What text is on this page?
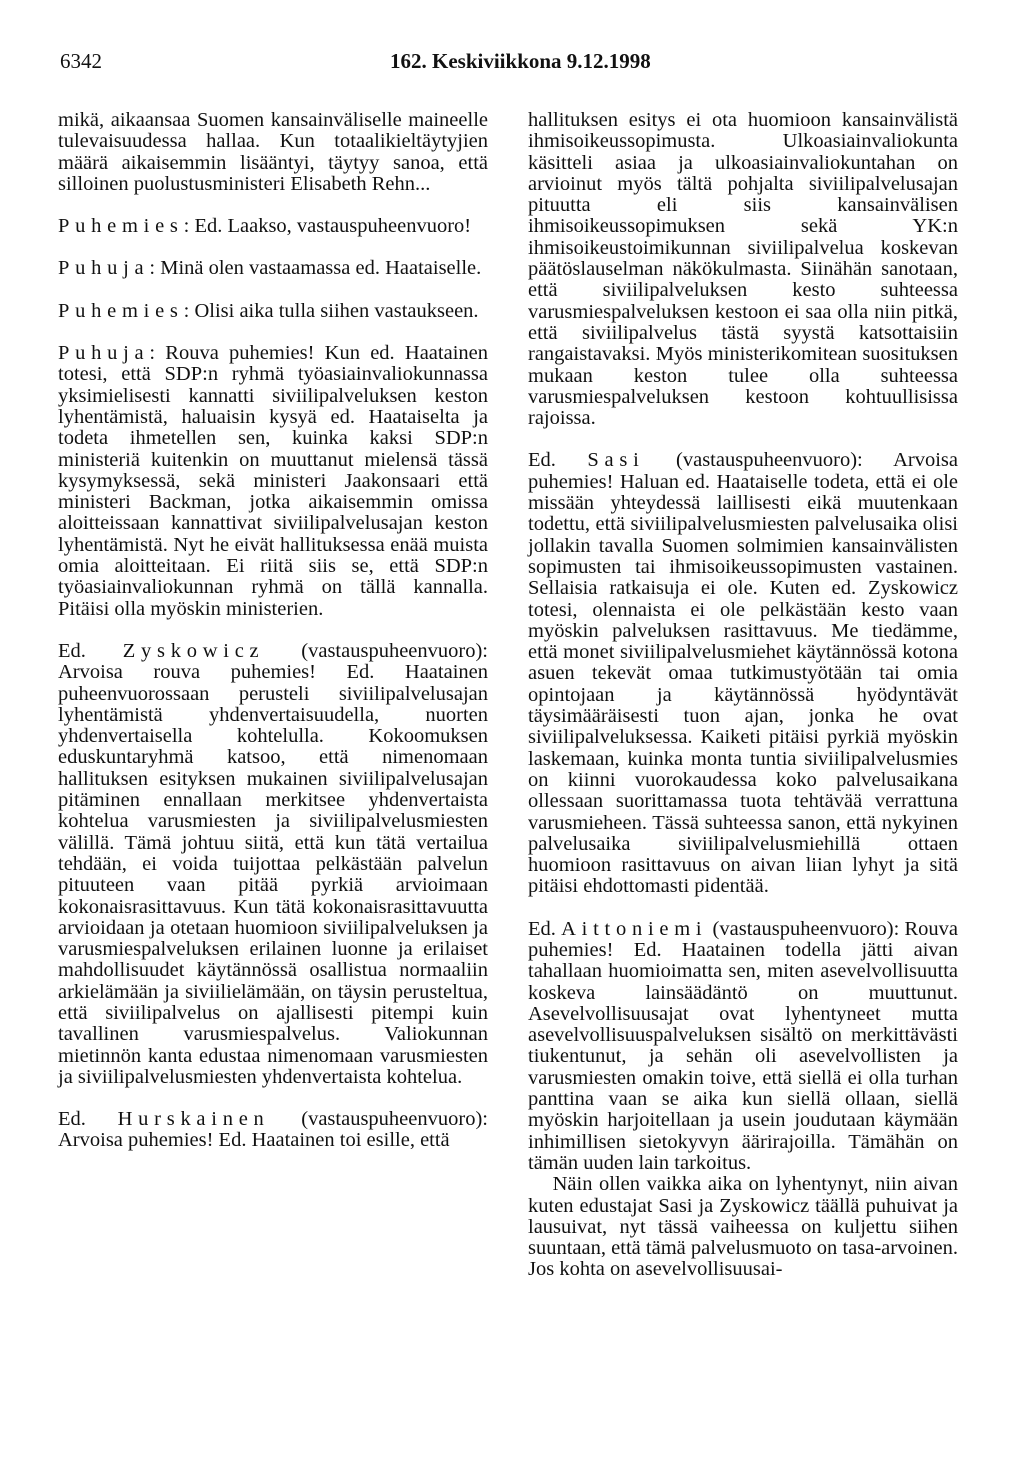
6342	162. Keskiviikkona 9.12.1998

mikä, aikaansaa Suomen kansainväliselle maineelle tulevaisuudessa hallaa. Kun totaalikieltäytyjien määrä aikaisemmin lisääntyi, täytyy sanoa, että silloinen puolustusministeri Elisabeth Rehn...

Puhemies: Ed. Laakso, vastauspuheenvuoro!

Puhuja: Minä olen vastaamassa ed. Haataiselle.

Puhemies: Olisi aika tulla siihen vastaukseen.

Puhuja: Rouva puhemies! Kun ed. Haatainen totesi, että SDP:n ryhmä työasiainvaliokunnassa yksimielisesti kannatti siviilipalveluksen keston lyhentämistä, haluaisin kysyä ed. Haataiselta ja todeta ihmetellen sen, kuinka kaksi SDP:n ministeriä kuitenkin on muuttanut mielensä tässä kysymyksessä, sekä ministeri Jaakonsaari että ministeri Backman, jotka aikaisemmin omissa aloitteissaan kannattivat siviilipalvelusajan keston lyhentämistä. Nyt he eivät hallituksessa enää muista omia aloitteitaan. Ei riitä siis se, että SDP:n työasiainvaliokunnan ryhmä on tällä kannalla. Pitäisi olla myöskin ministerien.

Ed. Zyskowicz (vastauspuheenvuoro): Arvoisa rouva puhemies! Ed. Haatainen puheenvuorossaan perusteli siviilipalvelusajan lyhentämistä yhdenvertaisuudella, nuorten yhdenvertaisella kohtelulla. Kokoomuksen eduskuntaryhmä katsoo, että nimenomaan hallituksen esityksen mukainen siviilipalvelusajan pitäminen ennallaan merkitsee yhdenvertaista kohtelua varusmiesten ja siviilipalvelusmiesten välillä. Tämä johtuu siitä, että kun tätä vertailua tehdään, ei voida tuijottaa pelkästään palvelun pituuteen vaan pitää pyrkiä arvioimaan kokonaisrasittavuus. Kun tätä kokonaisrasittavuutta arvioidaan ja otetaan huomioon siviilipalveluksen ja varusmiespalveluksen erilainen luonne ja erilaiset mahdollisuudet käytännössä osallistua normaaliin arkielämään ja siviilielämään, on täysin perusteltua, että siviilipalvelus on ajallisesti pitempi kuin tavallinen varusmiespalvelus. Valiokunnan mietinnön kanta edustaa nimenomaan varusmiesten ja siviilipalvelusmiesten yhdenvertaista kohtelua.

Ed. Hurskainen (vastauspuheenvuoro): Arvoisa puhemies! Ed. Haatainen toi esille, että

hallituksen esitys ei ota huomioon kansainvälistä ihmisoikeussopimusta. Ulkoasiainvaliokunta käsitteli asiaa ja ulkoasiainvaliokuntahan on arvioinut myös tältä pohjalta siviilipalvelusajan pituutta eli siis kansainvälisen ihmisoikeussopimuksen sekä YK:n ihmisoikeustoimikunnan siviilipalvelua koskevan päätöslauselman näkökulmasta. Siinähän sanotaan, että siviilipalveluksen kesto suhteessa varusmiespalveluksen kestoon ei saa olla niin pitkä, että siviilipalvelus tästä syystä katsottaisiin rangaistavaksi. Myös ministerikomitean suosituksen mukaan keston tulee olla suhteessa varusmiespalveluksen kestoon kohtuullisissa rajoissa.

Ed. Sasi (vastauspuheenvuoro): Arvoisa puhemies! Haluan ed. Haataiselle todeta, että ei ole missään yhteydessä laillisesti eikä muutenkaan todettu, että siviilipalvelusmiesten palvelusaika olisi jollakin tavalla Suomen solmimien kansainvälisten sopimusten tai ihmisoikeussopimusten vastainen. Sellaisia ratkaisuja ei ole. Kuten ed. Zyskowicz totesi, olennaista ei ole pelkästään kesto vaan myöskin palveluksen rasittavuus. Me tiedämme, että monet siviilipalvelusmiehet käytännössä kotona asuen tekevät omaa tutkimustyötään tai omia opintojaan ja käytännössä hyödyntävät täysimääräisesti tuon ajan, jonka he ovat siviilipalveluksessa. Kaiketi pitäisi pyrkiä myöskin laskemaan, kuinka monta tuntia siviilipalvelusmies on kiinni vuorokaudessa koko palvelusaikana ollessaan suorittamassa tuota tehtävää verrattuna varusmieheen. Tässä suhteessa sanon, että nykyinen palvelusaika siviilipalvelusmiehillä ottaen huomioon rasittavuus on aivan liian lyhyt ja sitä pitäisi ehdottomasti pidentää.

Ed. Aittoniemi (vastauspuheenvuoro): Rouva puhemies! Ed. Haatainen todella jätti aivan tahallaan huomioimatta sen, miten asevelvollisuutta koskeva lainsäädäntö on muuttunut. Asevelvollisuusajat ovat lyhentyneet mutta asevelvollisuuspalveluksen sisältö on merkittävästi tiukentunut, ja sehän oli asevelvollisten ja varusmiesten omakin toive, että siellä ei olla turhan panttina vaan se aika kun siellä ollaan, siellä myöskin harjoitellaan ja usein joudutaan käymään inhimillisen sietokyvyn äärirajoilla. Tämähän on tämän uuden lain tarkoitus.

Näin ollen vaikka aika on lyhentynyt, niin aivan kuten edustajat Sasi ja Zyskowicz täällä puhuivat ja lausuivat, nyt tässä vaiheessa on kuljettu siihen suuntaan, että tämä palvelusmuoto on tasa-arvoinen. Jos kohta on asevelvollisuusai-
